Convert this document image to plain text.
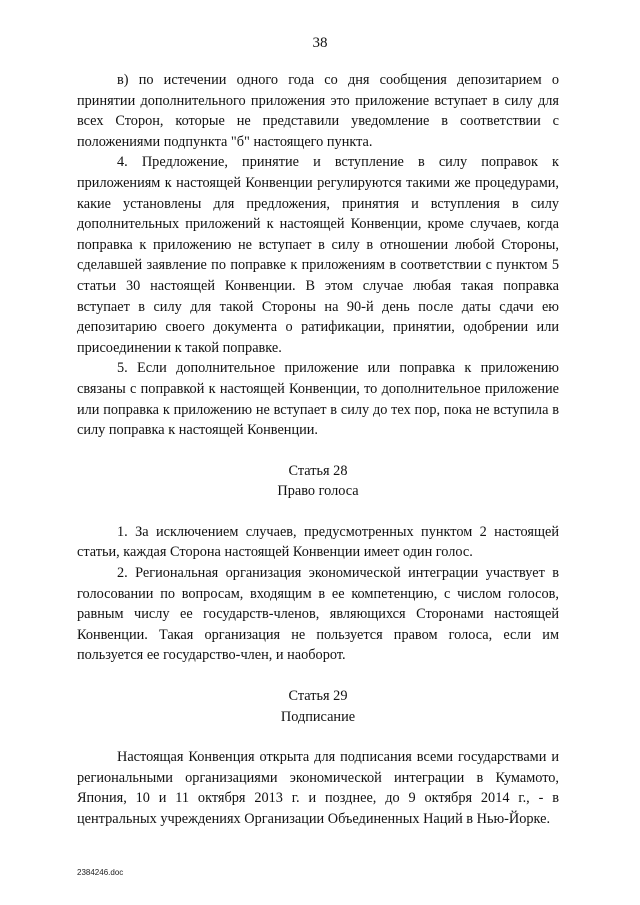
38

в) по истечении одного года со дня сообщения депозитарием о принятии дополнительного приложения это приложение вступает в силу для всех Сторон, которые не представили уведомление в соответствии с положениями подпункта "б" настоящего пункта.

4. Предложение, принятие и вступление в силу поправок к приложениям к настоящей Конвенции регулируются такими же процедурами, какие установлены для предложения, принятия и вступления в силу дополнительных приложений к настоящей Конвенции, кроме случаев, когда поправка к приложению не вступает в силу в отношении любой Стороны, сделавшей заявление по поправке к приложениям в соответствии с пунктом 5 статьи 30 настоящей Конвенции. В этом случае любая такая поправка вступает в силу для такой Стороны на 90-й день после даты сдачи ею депозитарию своего документа о ратификации, принятии, одобрении или присоединении к такой поправке.

5. Если дополнительное приложение или поправка к приложению связаны с поправкой к настоящей Конвенции, то дополнительное приложение или поправка к приложению не вступает в силу до тех пор, пока не вступила в силу поправка к настоящей Конвенции.

Статья 28

Право голоса

1. За исключением случаев, предусмотренных пунктом 2 настоящей статьи, каждая Сторона настоящей Конвенции имеет один голос.

2. Региональная организация экономической интеграции участвует в голосовании по вопросам, входящим в ее компетенцию, с числом голосов, равным числу ее государств-членов, являющихся Сторонами настоящей Конвенции. Такая организация не пользуется правом голоса, если им пользуется ее государство-член, и наоборот.

Статья 29

Подписание

Настоящая Конвенция открыта для подписания всеми государствами и региональными организациями экономической интеграции в Кумамото, Япония, 10 и 11 октября 2013 г. и позднее, до 9 октября 2014 г., - в центральных учреждениях Организации Объединенных Наций в Нью-Йорке.

2384246.doc
